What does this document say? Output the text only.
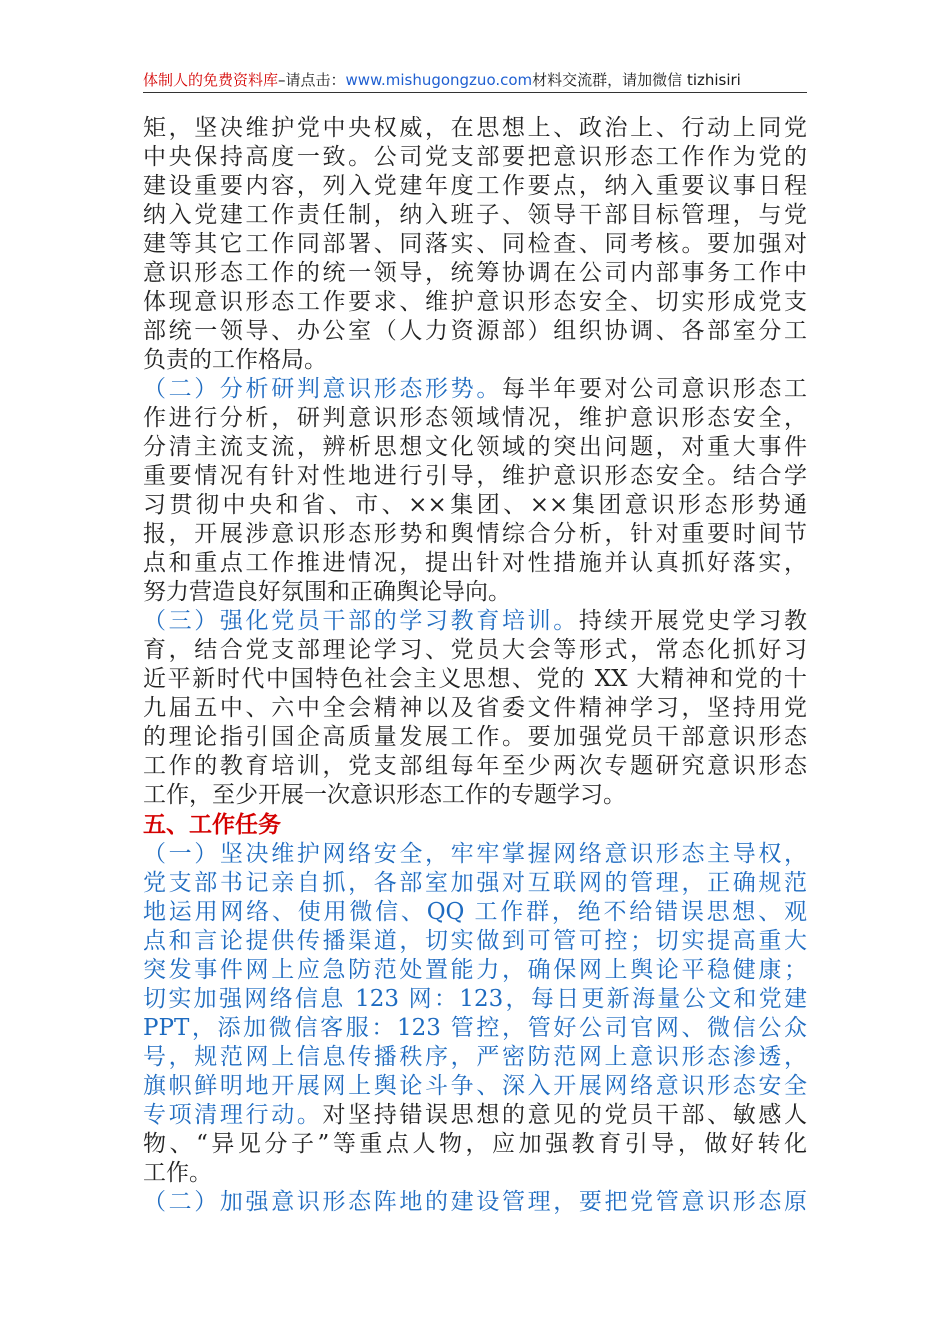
体制人的免费资料库–请点击：www.mishugongzuo.com材料交流群，请加微信 tizhisiri
矩，坚决维护党中央权威，在思想上、政治上、行动上同党
中央保持高度一致。公司党支部要把意识形态工作作为党的
建设重要内容，列入党建年度工作要点，纳入重要议事日程
纳入党建工作责任制，纳入班子、领导干部目标管理，与党
建等其它工作同部署、同落实、同检查、同考核。要加强对
意识形态工作的统一领导，统筹协调在公司内部事务工作中
体现意识形态工作要求、维护意识形态安全、切实形成党支
部统一领导、办公室（人力资源部）组织协调、各部室分工
负责的工作格局。
（二）分析研判意识形态形势。每半年要对公司意识形态工
作进行分析，研判意识形态领域情况，维护意识形态安全，
分清主流支流，辨析思想文化领域的突出问题，对重大事件
重要情况有针对性地进行引导，维护意识形态安全。结合学
习贯彻中央和省、市、××集团、××集团意识形态形势通
报，开展涉意识形态形势和舆情综合分析，针对重要时间节
点和重点工作推进情况，提出针对性措施并认真抓好落实，
努力营造良好氛围和正确舆论导向。
（三）强化党员干部的学习教育培训。持续开展党史学习教
育，结合党支部理论学习、党员大会等形式，常态化抓好习
近平新时代中国特色社会主义思想、党的 XX 大精神和党的十
九届五中、六中全会精神以及省委文件精神学习，坚持用党
的理论指引国企高质量发展工作。要加强党员干部意识形态
工作的教育培训，党支部组每年至少两次专题研究意识形态
工作，至少开展一次意识形态工作的专题学习。
五、工作任务
（一）坚决维护网络安全，牢牢掌握网络意识形态主导权，
党支部书记亲自抓，各部室加强对互联网的管理，正确规范
地运用网络、使用微信、QQ 工作群，绝不给错误思想、观
点和言论提供传播渠道，切实做到可管可控；切实提高重大
突发事件网上应急防范处置能力，确保网上舆论平稳健康；
切实加强网络信息 123 网：123，每日更新海量公文和党建
PPT，添加微信客服：123 管控，管好公司官网、微信公众
号，规范网上信息传播秩序，严密防范网上意识形态渗透，
旗帜鲜明地开展网上舆论斗争、深入开展网络意识形态安全
专项清理行动。对坚持错误思想的意见的党员干部、敏感人
物、“异见分子”等重点人物，应加强教育引导，做好转化
工作。
（二）加强意识形态阵地的建设管理，要把党管意识形态原
